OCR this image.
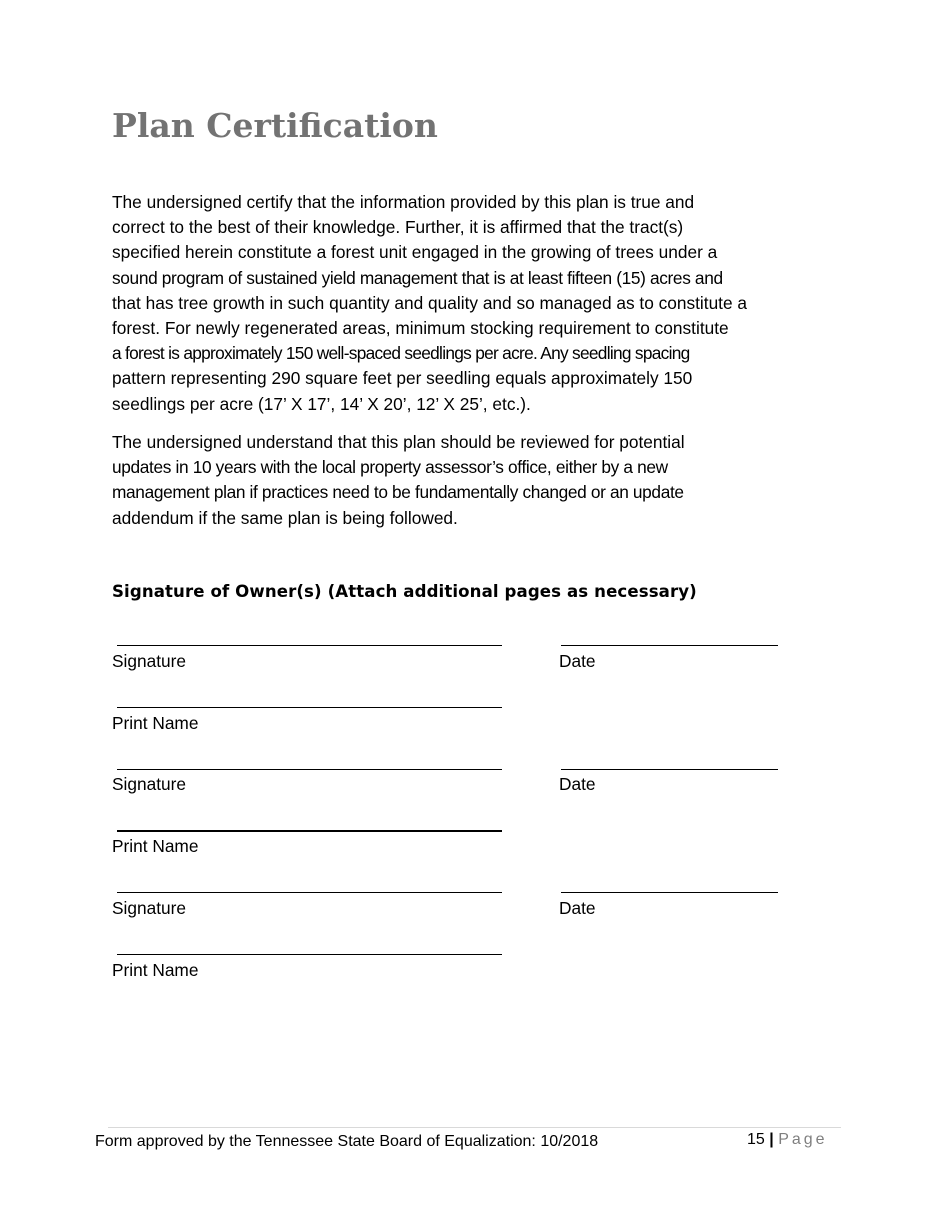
Plan Certification

The undersigned certify that the information provided by this plan is true and
correct to the best of their knowledge. Further, it is affirmed that the tract(s)
specified herein constitute a forest unit engaged in the growing of trees under a
sound program of sustained yield management that is at least fifteen (15) acres and
that has tree growth in such quantity and quality and so managed as to constitute a
forest. For newly regenerated areas, minimum stocking requirement to constitute
a forest is approximately 150 well-spaced seedlings per acre. Any seedling spacing
pattern representing 290 square feet per seedling equals approximately 150
seedlings per acre (17’ X 17’, 14’ X 20’, 12’ X 25’, etc.).

The undersigned understand that this plan should be reviewed for potential
updates in 10 years with the local property assessor’s office, either by a new
management plan if practices need to be fundamentally changed or an update
addendum if the same plan is being followed.

Signature of Owner(s) (Attach additional pages as necessary)
Signature	Date
Print Name
Signature	Date
Print Name
Signature	Date
Print Name
Form approved by the Tennessee State Board of Equalization: 10/2018	15 | Page
